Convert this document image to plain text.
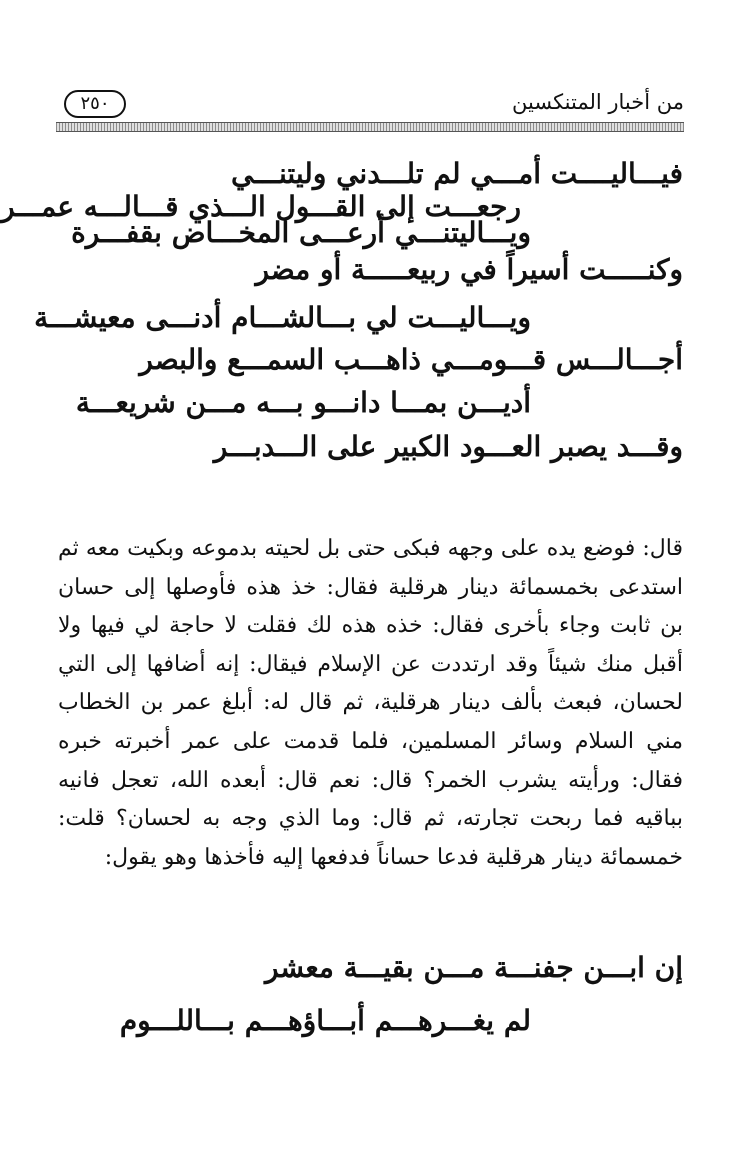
من أخبار المتنكسين
٢٥٠
فيـــاليــــت أمـــي لم تلـــدني وليتنـــي
رجعـــت إلى القـــول الـــذي قـــالـــه عمـــر
ويـــاليتنـــي أرعـــى المخـــاض بقفـــرة
وكنـــــت أسيراً في ربيعـــــة أو مضر
ويـــاليـــت لي بـــالشـــام أدنـــى معيشـــة
أجـــالـــس قـــومـــي ذاهـــب السمـــع والبصر
أديـــن بمـــا دانـــو بـــه مـــن شريعـــة
وقـــد يصبر العـــود الكبير على الـــدبـــر
قال: فوضع يده على وجهه فبكى حتى بل لحيته بدموعه وبكيت معه ثم استدعى بخمسمائة دينار هرقلية فقال: خذ هذه فأوصلها إلى حسان بن ثابت وجاء بأخرى فقال: خذه هذه لك فقلت لا حاجة لي فيها ولا أقبل منك شيئاً وقد ارتددت عن الإسلام فيقال: إنه أضافها إلى التي لحسان، فبعث بألف دينار هرقلية، ثم قال له: أبلغ عمر بن الخطاب مني السلام وسائر المسلمين، فلما قدمت على عمر أخبرته خبره فقال: ورأيته يشرب الخمر؟ قال: نعم قال: أبعده الله، تعجل فانيه بباقيه فما ربحت تجارته، ثم قال: وما الذي وجه به لحسان؟ قلت: خمسمائة دينار هرقلية فدعا حساناً فدفعها إليه فأخذها وهو يقول:
إن ابـــن جفنـــة مـــن بقيـــة معشر
لم يغـــرهـــم أبـــاؤهـــم بـــاللـــوم
